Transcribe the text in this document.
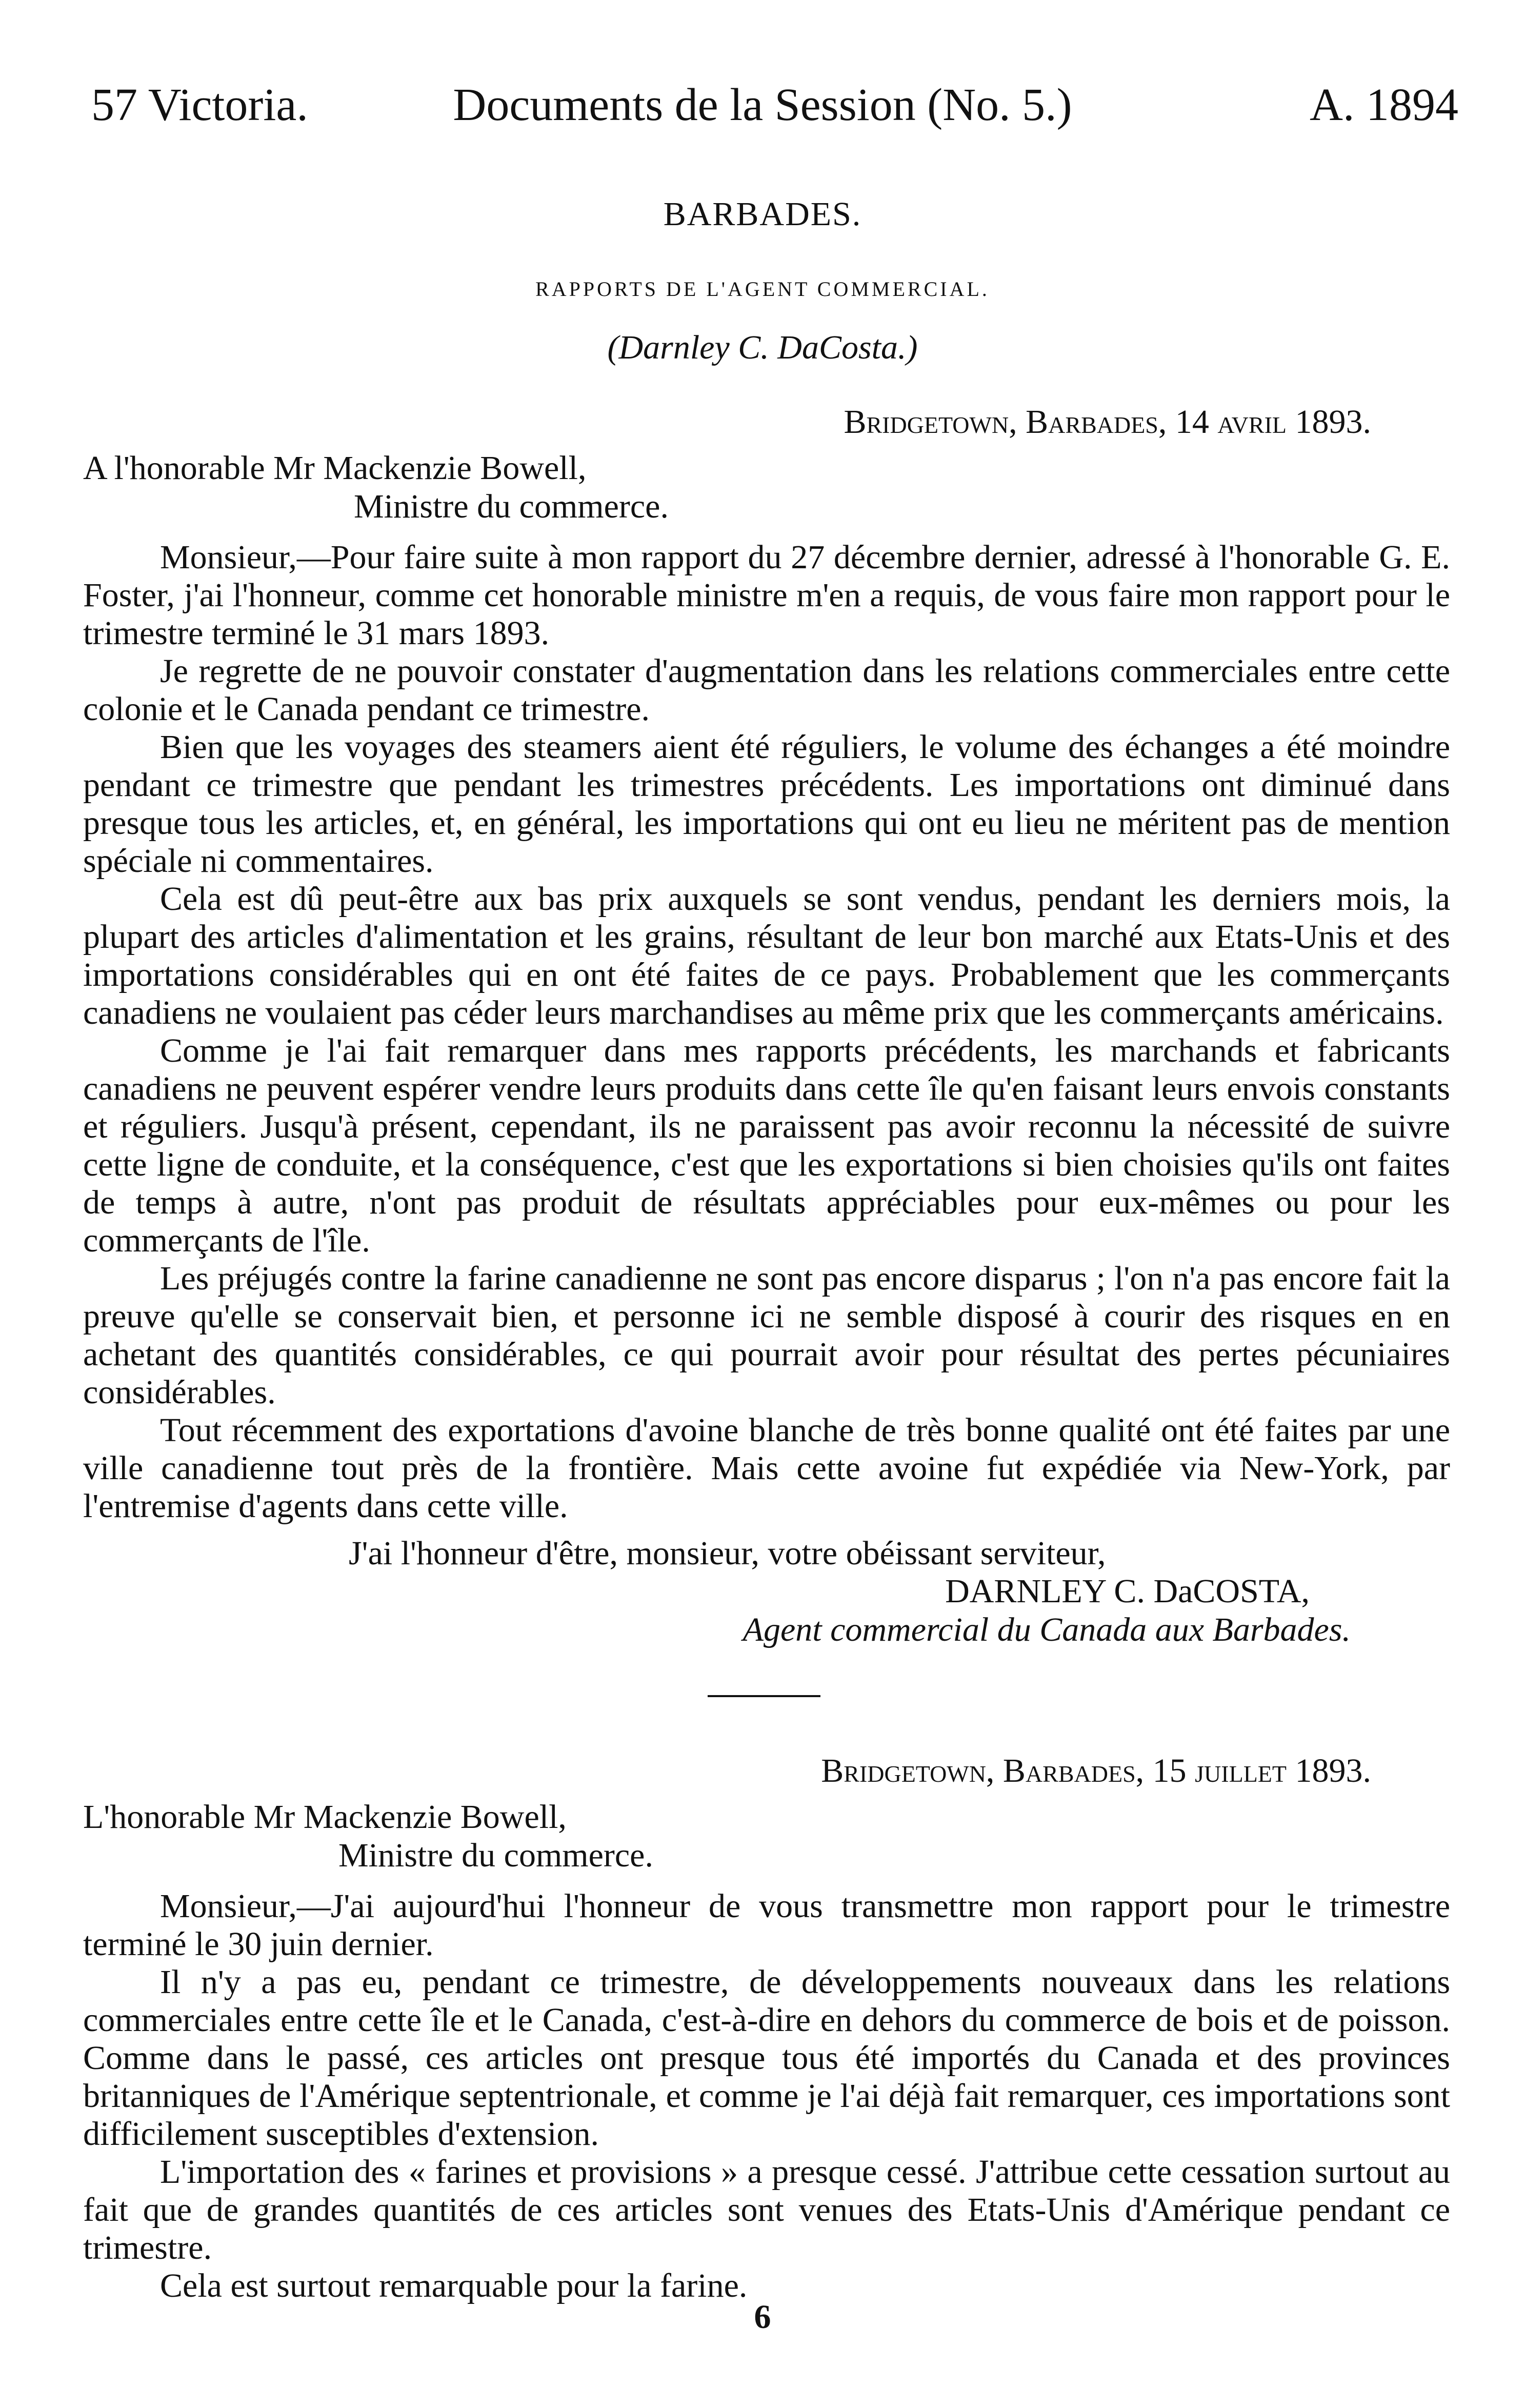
57 Victoria.	Documents de la Session (No. 5.)	A. 1894
BARBADES.
RAPPORTS DE L'AGENT COMMERCIAL.
(Darnley C. DaCosta.)
Bridgetown, Barbades, 14 avril 1893.
A l'honorable Mr Mackenzie Bowell,
Ministre du commerce.

Monsieur,—Pour faire suite à mon rapport du 27 décembre dernier, adressé à l'honorable G. E. Foster, j'ai l'honneur, comme cet honorable ministre m'en a requis, de vous faire mon rapport pour le trimestre terminé le 31 mars 1893.

Je regrette de ne pouvoir constater d'augmentation dans les relations commerciales entre cette colonie et le Canada pendant ce trimestre.

Bien que les voyages des steamers aient été réguliers, le volume des échanges a été moindre pendant ce trimestre que pendant les trimestres précédents. Les importations ont diminué dans presque tous les articles, et, en général, les importations qui ont eu lieu ne méritent pas de mention spéciale ni commentaires.

Cela est dû peut-être aux bas prix auxquels se sont vendus, pendant les derniers mois, la plupart des articles d'alimentation et les grains, résultant de leur bon marché aux Etats-Unis et des importations considérables qui en ont été faites de ce pays. Probablement que les commerçants canadiens ne voulaient pas céder leurs marchandises au même prix que les commerçants américains.

Comme je l'ai fait remarquer dans mes rapports précédents, les marchands et fabricants canadiens ne peuvent espérer vendre leurs produits dans cette île qu'en faisant leurs envois constants et réguliers. Jusqu'à présent, cependant, ils ne paraissent pas avoir reconnu la nécessité de suivre cette ligne de conduite, et la conséquence, c'est que les exportations si bien choisies qu'ils ont faites de temps à autre, n'ont pas produit de résultats appréciables pour eux-mêmes ou pour les commerçants de l'île.

Les préjugés contre la farine canadienne ne sont pas encore disparus ; l'on n'a pas encore fait la preuve qu'elle se conservait bien, et personne ici ne semble disposé à courir des risques en en achetant des quantités considérables, ce qui pourrait avoir pour résultat des pertes pécuniaires considérables.

Tout récemment des exportations d'avoine blanche de très bonne qualité ont été faites par une ville canadienne tout près de la frontière. Mais cette avoine fut expédiée via New-York, par l'entremise d'agents dans cette ville.

J'ai l'honneur d'être, monsieur, votre obéissant serviteur,
DARNLEY C. DaCOSTA,
Agent commercial du Canada aux Barbades.
Bridgetown, Barbades, 15 juillet 1893.
L'honorable Mr Mackenzie Bowell,
Ministre du commerce.

Monsieur,—J'ai aujourd'hui l'honneur de vous transmettre mon rapport pour le trimestre terminé le 30 juin dernier.

Il n'y a pas eu, pendant ce trimestre, de développements nouveaux dans les relations commerciales entre cette île et le Canada, c'est-à-dire en dehors du commerce de bois et de poisson. Comme dans le passé, ces articles ont presque tous été importés du Canada et des provinces britanniques de l'Amérique septentrionale, et comme je l'ai déjà fait remarquer, ces importations sont difficilement susceptibles d'extension.

L'importation des « farines et provisions » a presque cessé. J'attribue cette cessation surtout au fait que de grandes quantités de ces articles sont venues des Etats-Unis d'Amérique pendant ce trimestre.

Cela est surtout remarquable pour la farine.

6
